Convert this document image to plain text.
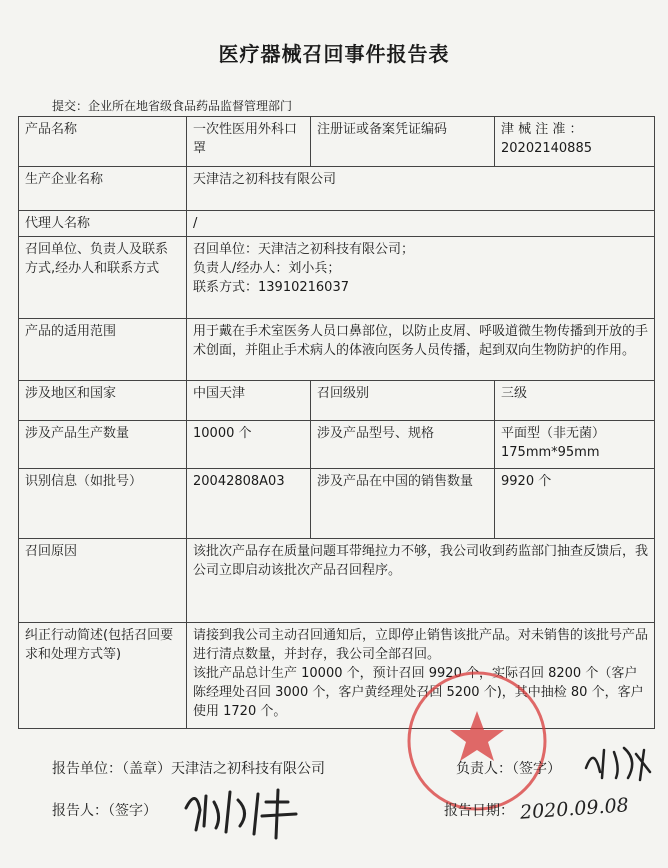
医疗器械召回事件报告表
提交：企业所在地省级食品药品监督管理部门
产品名称	一次性医用外科口罩	注册证或备案凭证编码	津 械 注 准 ：
20202140885

生产企业名称	天津洁之初科技有限公司		
代理人名称	/		
召回单位、负责人及联系方式,经办人和联系方式	召回单位：天津洁之初科技有限公司；
负责人/经办人：刘小兵；
联系方式：13910216037		

产品的适用范围	用于戴在手术室医务人员口鼻部位，以防止皮屑、呼吸道微生物传播到开放的手术创面，并阻止手术病人的体液向医务人员传播，起到双向生物防护的作用。		
涉及地区和国家	中国天津	召回级别	三级
涉及产品生产数量	10000 个	涉及产品型号、规格	平面型（非无菌）
175mm*95mm

识别信息（如批号）	20042808A03	涉及产品在中国的销售数量	9920 个
召回原因	该批次产品存在质量问题耳带绳拉力不够，我公司收到药监部门抽查反馈后，我公司立即启动该批次产品召回程序。		
纠正行动简述(包括召回要求和处理方式等)	请接到我公司主动召回通知后，立即停止销售该批产品。对未销售的该批号产品进行清点数量，并封存，我公司全部召回。
该批产品总计生产 10000 个，预计召回 9920 个，实际召回 8200 个（客户陈经理处召回 3000 个，客户黄经理处召回 5200 个)，其中抽检 80 个，客户使用 1720 个。		
报告单位：（盖章）天津洁之初科技有限公司	负责人：（签字）
报告人：（签字）	报告日期： 2020.09.08
